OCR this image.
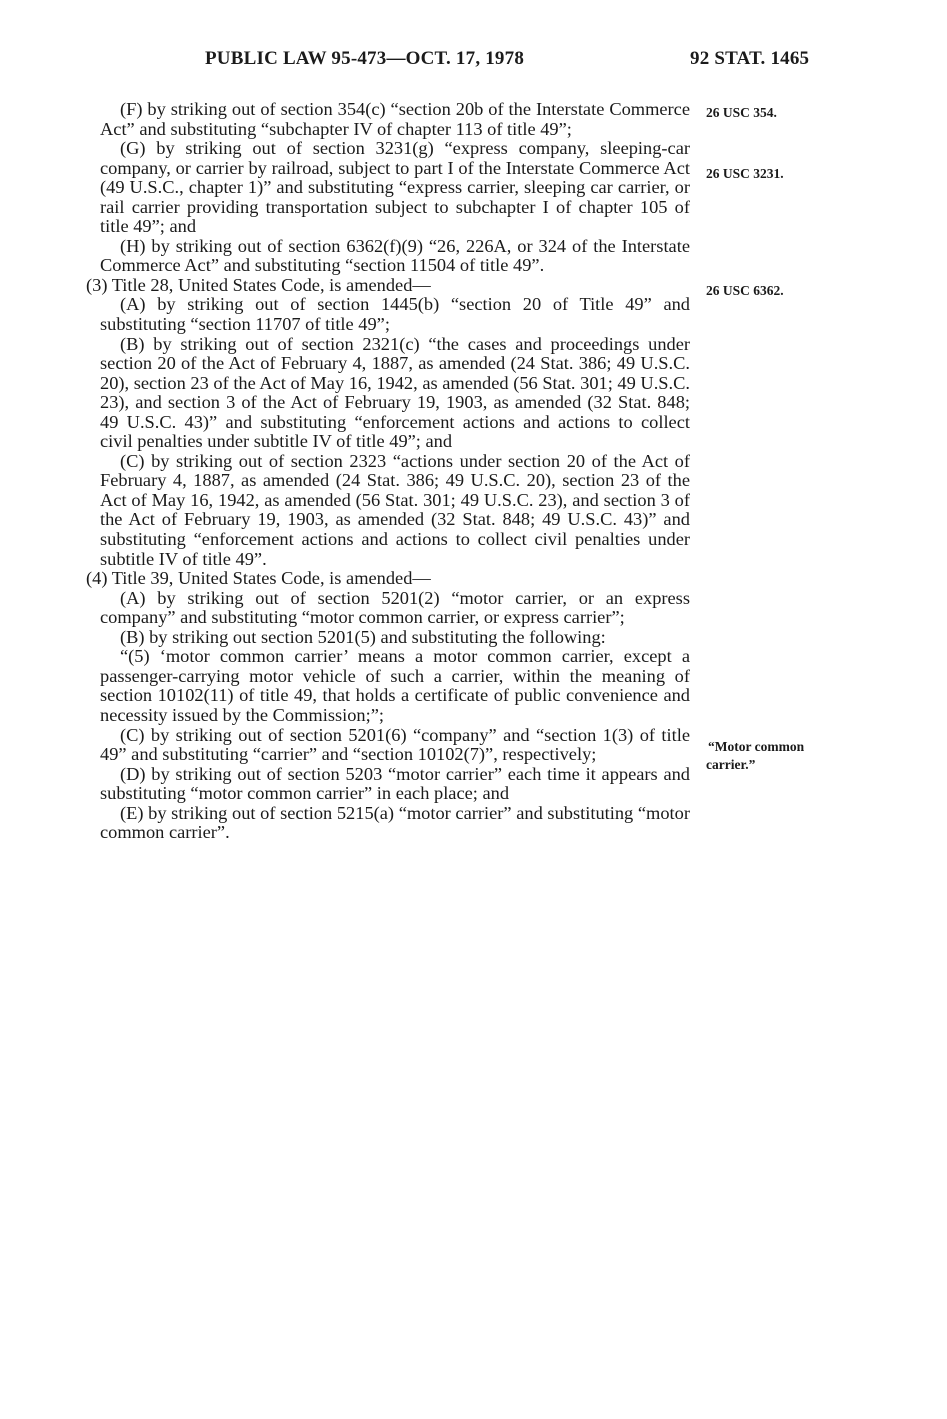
PUBLIC LAW 95-473—OCT. 17, 1978	92 STAT. 1465

(F) by striking out of section 354(c) “section 20b of the Interstate Commerce Act” and substituting “subchapter IV of chapter 113 of title 49”;

(G) by striking out of section 3231(g) “express company, sleeping-car company, or carrier by railroad, subject to part I of the Interstate Commerce Act (49 U.S.C., chapter 1)” and substituting “express carrier, sleeping car carrier, or rail carrier providing transportation subject to subchapter I of chapter 105 of title 49”; and

(H) by striking out of section 6362(f)(9) “26, 226A, or 324 of the Interstate Commerce Act” and substituting “section 11504 of title 49”.

(3) Title 28, United States Code, is amended—

(A) by striking out of section 1445(b) “section 20 of Title 49” and substituting “section 11707 of title 49”;

(B) by striking out of section 2321(c) “the cases and proceedings under section 20 of the Act of February 4, 1887, as amended (24 Stat. 386; 49 U.S.C. 20), section 23 of the Act of May 16, 1942, as amended (56 Stat. 301; 49 U.S.C. 23), and section 3 of the Act of February 19, 1903, as amended (32 Stat. 848; 49 U.S.C. 43)” and substituting “enforcement actions and actions to collect civil penalties under subtitle IV of title 49”; and

(C) by striking out of section 2323 “actions under section 20 of the Act of February 4, 1887, as amended (24 Stat. 386; 49 U.S.C. 20), section 23 of the Act of May 16, 1942, as amended (56 Stat. 301; 49 U.S.C. 23), and section 3 of the Act of February 19, 1903, as amended (32 Stat. 848; 49 U.S.C. 43)” and substituting “enforcement actions and actions to collect civil penalties under subtitle IV of title 49”.

(4) Title 39, United States Code, is amended—

(A) by striking out of section 5201(2) “motor carrier, or an express company” and substituting “motor common carrier, or express carrier”;

(B) by striking out section 5201(5) and substituting the following:

“(5) ‘motor common carrier’ means a motor common carrier, except a passenger-carrying motor vehicle of such a carrier, within the meaning of section 10102(11) of title 49, that holds a certificate of public convenience and necessity issued by the Commission;”;

(C) by striking out of section 5201(6) “company” and “section 1(3) of title 49” and substituting “carrier” and “section 10102(7)”, respectively;

(D) by striking out of section 5203 “motor carrier” each time it appears and substituting “motor common carrier” in each place; and

(E) by striking out of section 5215(a) “motor carrier” and substituting “motor common carrier”.

26 USC 354.
26 USC 3231.
26 USC 6362.
“Motor common
carrier.”
